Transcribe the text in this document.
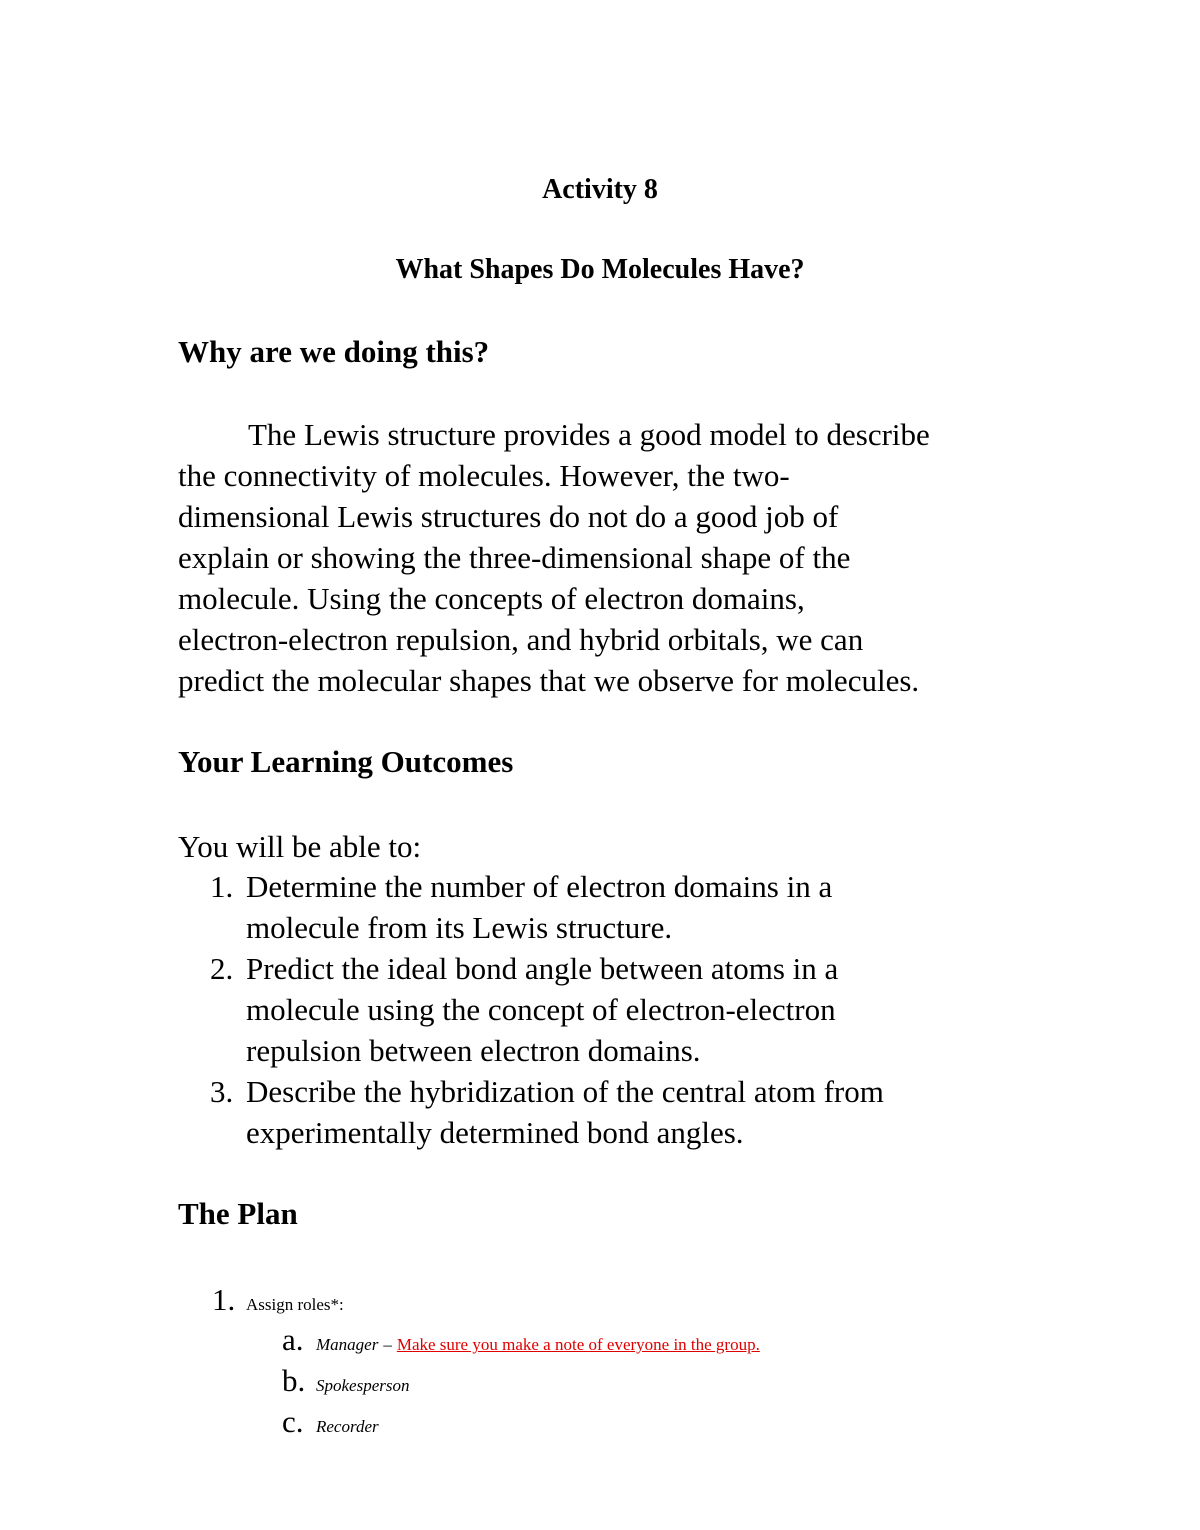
Activity 8
What Shapes Do Molecules Have?
Why are we doing this?

The Lewis structure provides a good model to describe
the connectivity of molecules. However, the two-
dimensional Lewis structures do not do a good job of
explain or showing the three-dimensional shape of the
molecule. Using the concepts of electron domains,
electron-electron repulsion, and hybrid orbitals, we can
predict the molecular shapes that we observe for molecules.

Your Learning Outcomes

You will be able to:

1. Determine the number of electron domains in a
molecule from its Lewis structure.
2. Predict the ideal bond angle between atoms in a
molecule using the concept of electron-electron
repulsion between electron domains.
3. Describe the hybridization of the central atom from
experimentally determined bond angles.
The Plan
1. Assign roles*:
a. Manager – Make sure you make a note of everyone in the group.
b. Spokesperson
c. Recorder
